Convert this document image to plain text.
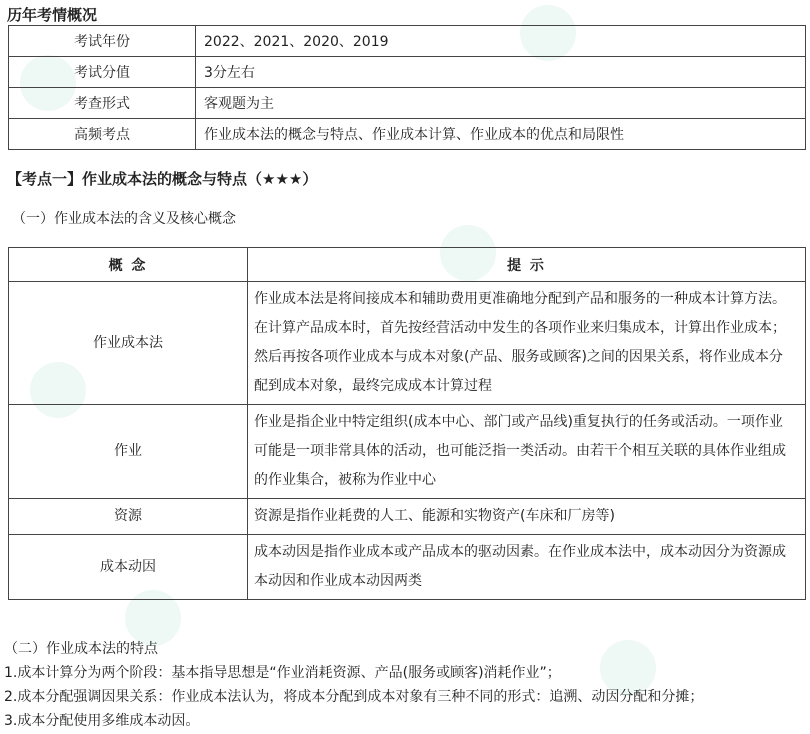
历年考情概况
考试年份	2022、2021、2020、2019
考试分值	3分左右
考查形式	客观题为主
高频考点	作业成本法的概念与特点、作业成本计算、作业成本的优点和局限性
【考点一】作业成本法的概念与特点（★★★）
（一）作业成本法的含义及核心概念
概 念	提 示
作业成本法	作业成本法是将间接成本和辅助费用更准确地分配到产品和服务的一种成本计算方法。在计算产品成本时，首先按经营活动中发生的各项作业来归集成本，计算出作业成本；然后再按各项作业成本与成本对象(产品、服务或顾客)之间的因果关系，将作业成本分配到成本对象，最终完成成本计算过程
作业	作业是指企业中特定组织(成本中心、部门或产品线)重复执行的任务或活动。一项作业可能是一项非常具体的活动，也可能泛指一类活动。由若干个相互关联的具体作业组成的作业集合，被称为作业中心
资源	资源是指作业耗费的人工、能源和实物资产(车床和厂房等)
成本动因	成本动因是指作业成本或产品成本的驱动因素。在作业成本法中，成本动因分为资源成本动因和作业成本动因两类
（二）作业成本法的特点
1.成本计算分为两个阶段：基本指导思想是“作业消耗资源、产品(服务或顾客)消耗作业”；
2.成本分配强调因果关系：作业成本法认为，将成本分配到成本对象有三种不同的形式：追溯、动因分配和分摊；
3.成本分配使用多维成本动因。
